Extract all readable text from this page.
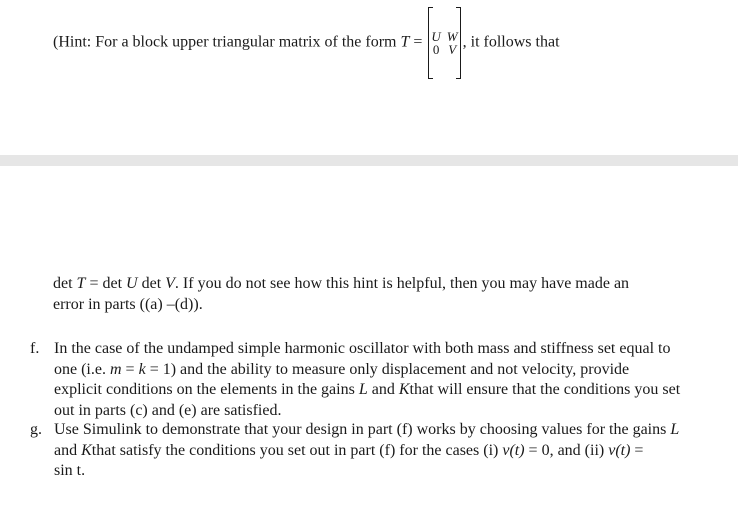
(Hint: For a block upper triangular matrix of the form T = U	W
0	V , it follows that
det T = det U det V. If you do not see how this hint is helpful, then you may have made an
error in parts ((a) –(d)).
f. In the case of the undamped simple harmonic oscillator with both mass and stiffness set equal to
one (i.e. m = k = 1) and the ability to measure only displacement and not velocity, provide
explicit conditions on the elements in the gains L and Kthat will ensure that the conditions you set
out in parts (c) and (e) are satisfied.
g. Use Simulink to demonstrate that your design in part (f) works by choosing values for the gains L
and Kthat satisfy the conditions you set out in part (f) for the cases (i) v(t) = 0, and (ii) v(t) =
sin t.
